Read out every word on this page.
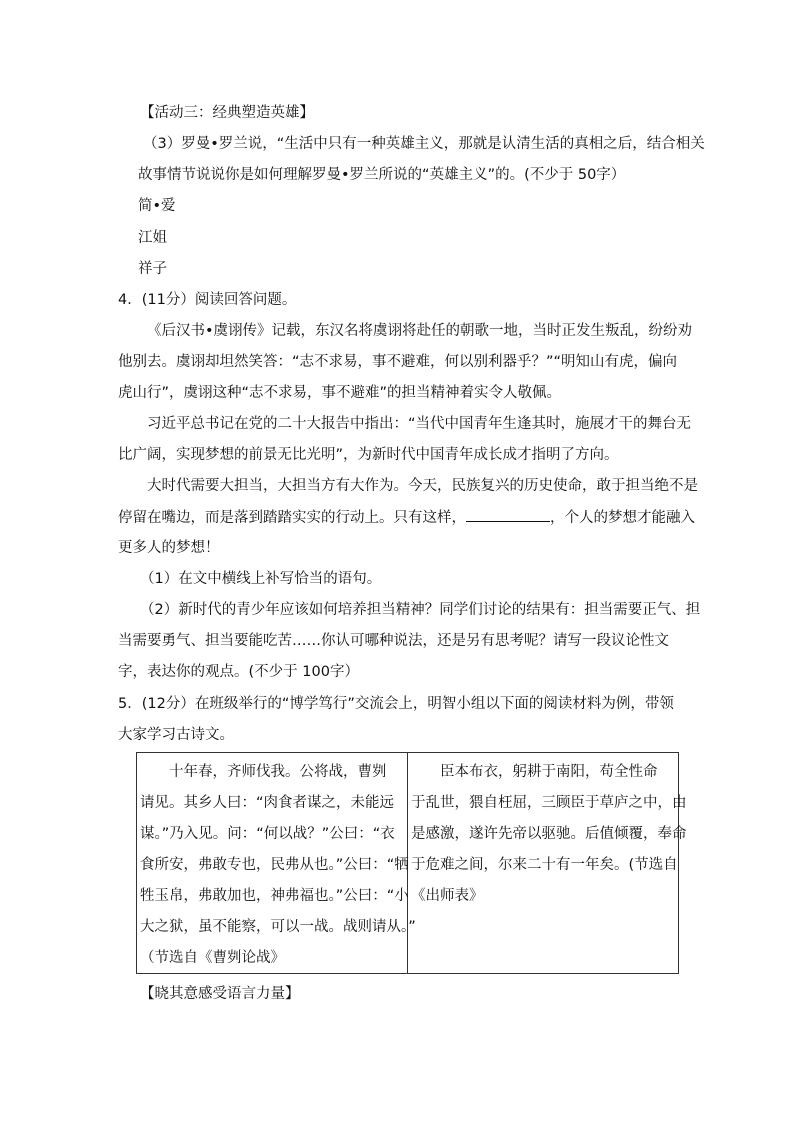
【活动三：经典塑造英雄】
（3）罗曼•罗兰说，“生活中只有一种英雄主义，那就是认清生活的真相之后，结合相关
故事情节说说你是如何理解罗曼•罗兰所说的“英雄主义”的。(不少于 50字）
简•爱
江姐
祥子
4．(11分）阅读回答问题。
《后汉书•虞诩传》记载，东汉名将虞诩将赴任的朝歌一地，当时正发生叛乱，纷纷劝
他别去。虞诩却坦然笑答：“志不求易，事不避难，何以别利器乎？”“明知山有虎，偏向
虎山行”，虞诩这种“志不求易，事不避难”的担当精神着实令人敬佩。
习近平总书记在党的二十大报告中指出：“当代中国青年生逢其时，施展才干的舞台无
比广阔，实现梦想的前景无比光明”，为新时代中国青年成长成才指明了方向。
大时代需要大担当，大担当方有大作为。今天，民族复兴的历史使命，敢于担当绝不是
停留在嘴边，而是落到踏踏实实的行动上。只有这样，	，个人的梦想才能融入
更多人的梦想！
（1）在文中横线上补写恰当的语句。
（2）新时代的青少年应该如何培养担当精神？同学们讨论的结果有：担当需要正气、担
当需要勇气、担当要能吃苦……你认可哪种说法，还是另有思考呢？请写一段议论性文
字，表达你的观点。(不少于 100字）
5．(12分）在班级举行的“博学笃行”交流会上，明智小组以下面的阅读材料为例，带领
大家学习古诗文。
十年春，齐师伐我。公将战，曹刿
请见。其乡人曰：“肉食者谋之，未能远
谋。”乃入见。问：“何以战？”公曰：“衣
食所安，弗敢专也，民弗从也。”公曰：“牺
牲玉帛，弗敢加也，神弗福也。”公曰：“小
大之狱，虽不能察，可以一战。战则请从。”
（节选自《曹刿论战》

臣本布衣，躬耕于南阳，苟全性命
于乱世，猥自枉屈，三顾臣于草庐之中，由
是感激，遂许先帝以驱驰。后值倾覆，奉命
于危难之间，尔来二十有一年矣。(节选自
《出师表》
【晓其意感受语言力量】
